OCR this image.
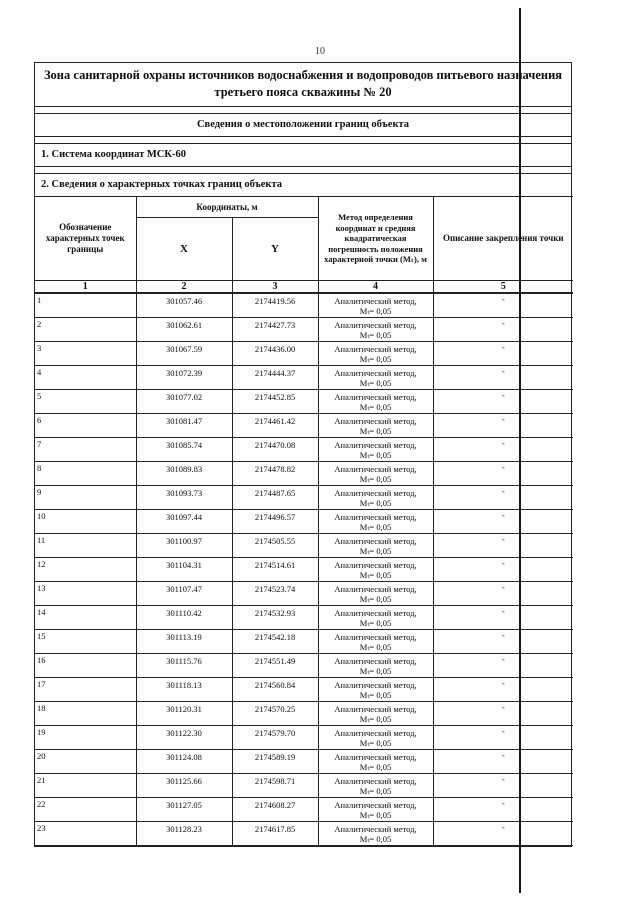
10
Зона санитарной охраны источников водоснабжения и водопроводов питьевого назначения третьего пояса скважины № 20
Сведения о местоположении границ объекта
1. Система координат МСК-60
2. Сведения о характерных точках границ объекта
Обозначение характерных точек границы	Координаты, м		Метод определения координат и средняя квадратическая погрешность положения характерной точки (Mₜ), м	Описание закрепления точки
	X	Y		
1	2	3	4	5
1	301057.46	2174419.56	Аналитический метод,
Mₜ= 0,05	-
2	301062.61	2174427.73	Аналитический метод,
Mₜ= 0,05	-
3	301067.59	2174436.00	Аналитический метод,
Mₜ= 0,05	-
4	301072.39	2174444.37	Аналитический метод,
Mₜ= 0,05	-
5	301077.02	2174452.85	Аналитический метод,
Mₜ= 0,05	-
6	301081.47	2174461.42	Аналитический метод,
Mₜ= 0,05	-
7	301085.74	2174470.08	Аналитический метод,
Mₜ= 0,05	-
8	301089.83	2174478.82	Аналитический метод,
Mₜ= 0,05	-
9	301093.73	2174487.65	Аналитический метод,
Mₜ= 0,05	-
10	301097.44	2174496.57	Аналитический метод,
Mₜ= 0,05	-
11	301100.97	2174505.55	Аналитический метод,
Mₜ= 0,05	-
12	301104.31	2174514.61	Аналитический метод,
Mₜ= 0,05	-
13	301107.47	2174523.74	Аналитический метод,
Mₜ= 0,05	-
14	301110.42	2174532.93	Аналитический метод,
Mₜ= 0,05	-
15	301113.19	2174542.18	Аналитический метод,
Mₜ= 0,05	-
16	301115.76	2174551.49	Аналитический метод,
Mₜ= 0,05	-
17	301118.13	2174560.84	Аналитический метод,
Mₜ= 0,05	-
18	301120.31	2174570.25	Аналитический метод,
Mₜ= 0,05	-
19	301122.30	2174579.70	Аналитический метод,
Mₜ= 0,05	-
20	301124.08	2174589.19	Аналитический метод,
Mₜ= 0,05	-
21	301125.66	2174598.71	Аналитический метод,
Mₜ= 0,05	-
22	301127.05	2174608.27	Аналитический метод,
Mₜ= 0,05	-
23	301128.23	2174617.85	Аналитический метод,
Mₜ= 0,05	-
